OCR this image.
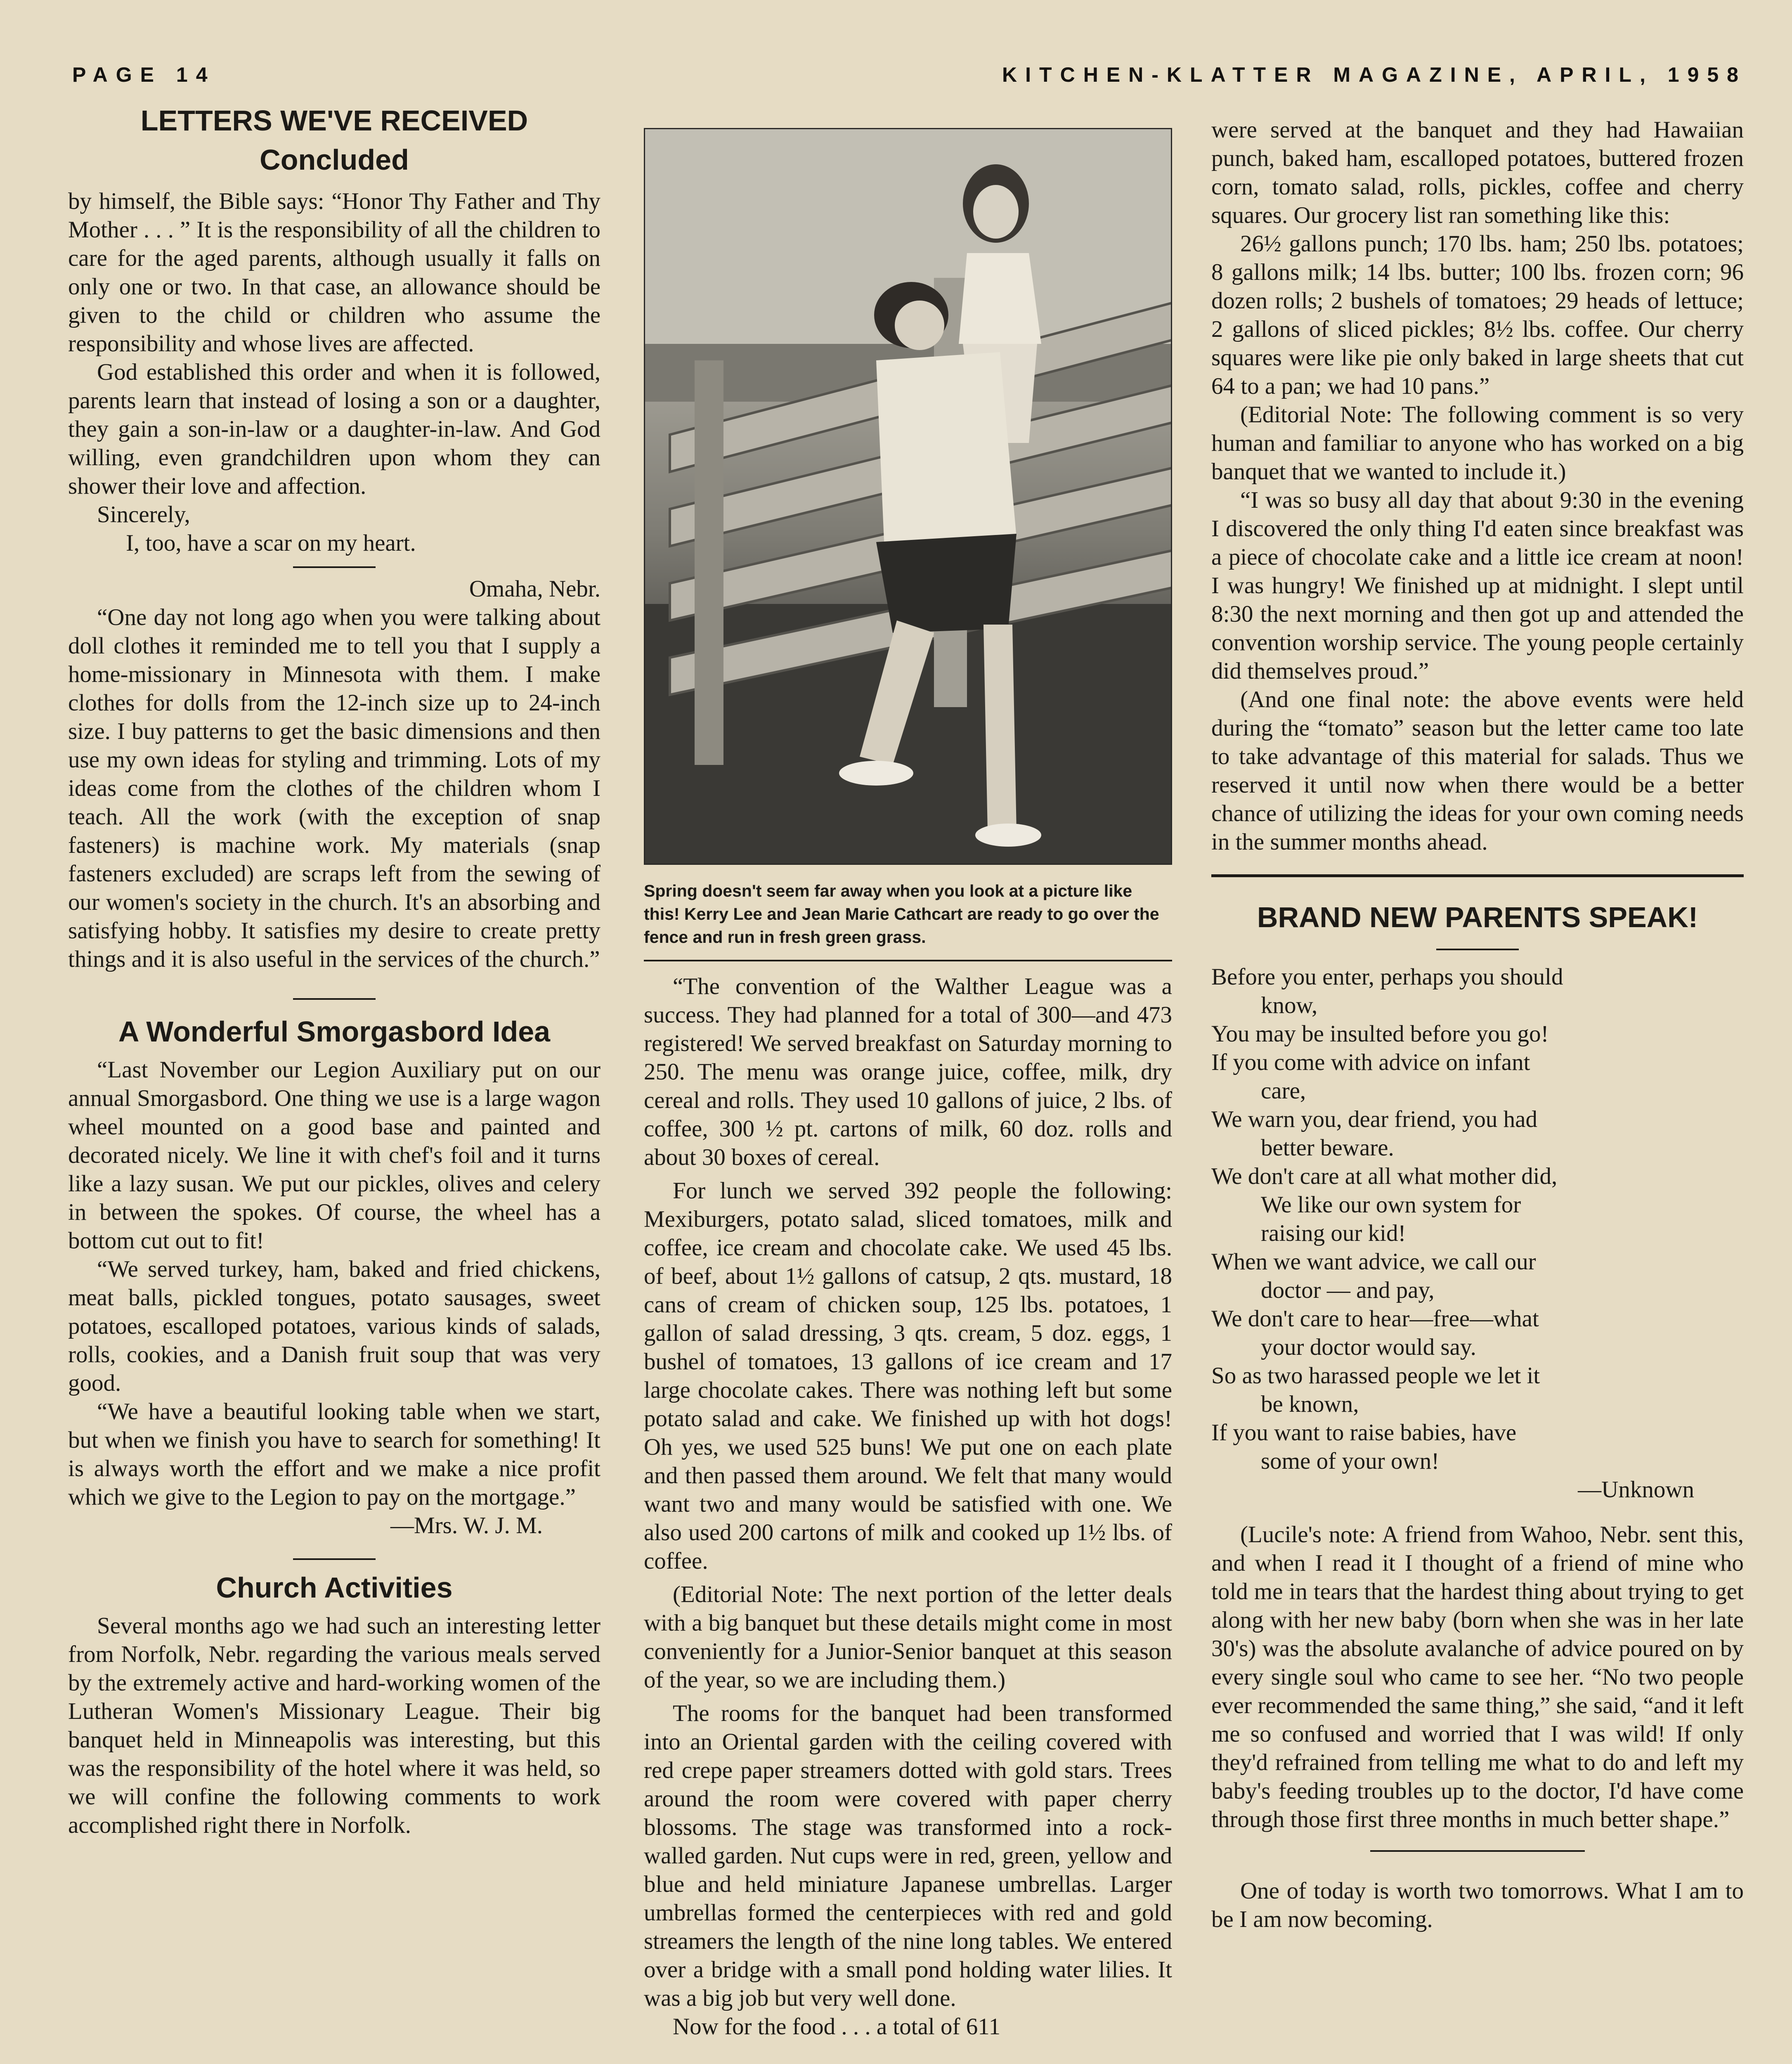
PAGE 14	KITCHEN-KLATTER MAGAZINE, APRIL, 1958
LETTERS WE'VE RECEIVED
Concluded

by himself, the Bible says: “Honor Thy Father and Thy Mother . . . ” It is the responsibility of all the children to care for the aged parents, although usually it falls on only one or two. In that case, an allowance should be given to the child or children who assume the responsibility and whose lives are affected.

God established this order and when it is followed, parents learn that instead of losing a son or a daughter, they gain a son-in-law or a daughter-in-law. And God willing, even grandchildren upon whom they can shower their love and affection.

Sincerely,

I, too, have a scar on my heart.

Omaha, Nebr.

“One day not long ago when you were talking about doll clothes it reminded me to tell you that I supply a home-missionary in Minnesota with them. I make clothes for dolls from the 12-inch size up to 24-inch size. I buy patterns to get the basic dimensions and then use my own ideas for styling and trimming. Lots of my ideas come from the clothes of the children whom I teach. All the work (with the exception of snap fasteners) is machine work. My materials (snap fasteners excluded) are scraps left from the sewing of our women's society in the church. It's an absorbing and satisfying hobby. It satisfies my desire to create pretty things and it is also useful in the services of the church.”

A Wonderful Smorgasbord Idea

“Last November our Legion Auxiliary put on our annual Smorgasbord. One thing we use is a large wagon wheel mounted on a good base and painted and decorated nicely. We line it with chef's foil and it turns like a lazy susan. We put our pickles, olives and celery in between the spokes. Of course, the wheel has a bottom cut out to fit!

“We served turkey, ham, baked and fried chickens, meat balls, pickled tongues, potato sausages, sweet potatoes, escalloped potatoes, various kinds of salads, rolls, cookies, and a Danish fruit soup that was very good.

“We have a beautiful looking table when we start, but when we finish you have to search for something! It is always worth the effort and we make a nice profit which we give to the Legion to pay on the mortgage.”

—Mrs. W. J. M.

Church Activities

Several months ago we had such an interesting letter from Norfolk, Nebr. regarding the various meals served by the extremely active and hard-working women of the Lutheran Women's Missionary League. Their big banquet held in Minneapolis was interesting, but this was the responsibility of the hotel where it was held, so we will confine the following comments to work accomplished right there in Norfolk.

Spring doesn't seem far away when you look at a picture like this! Kerry Lee and Jean Marie Cathcart are ready to go over the fence and run in fresh green grass.

“The convention of the Walther League was a success. They had planned for a total of 300—and 473 registered! We served breakfast on Saturday morning to 250. The menu was orange juice, coffee, milk, dry cereal and rolls. They used 10 gallons of juice, 2 lbs. of coffee, 300 ½ pt. cartons of milk, 60 doz. rolls and about 30 boxes of cereal.

For lunch we served 392 people the following: Mexiburgers, potato salad, sliced tomatoes, milk and coffee, ice cream and chocolate cake. We used 45 lbs. of beef, about 1½ gallons of catsup, 2 qts. mustard, 18 cans of cream of chicken soup, 125 lbs. potatoes, 1 gallon of salad dressing, 3 qts. cream, 5 doz. eggs, 1 bushel of tomatoes, 13 gallons of ice cream and 17 large chocolate cakes. There was nothing left but some potato salad and cake. We finished up with hot dogs! Oh yes, we used 525 buns! We put one on each plate and then passed them around. We felt that many would want two and many would be satisfied with one. We also used 200 cartons of milk and cooked up 1½ lbs. of coffee.

(Editorial Note: The next portion of the letter deals with a big banquet but these details might come in most conveniently for a Junior-Senior banquet at this season of the year, so we are including them.)

The rooms for the banquet had been transformed into an Oriental garden with the ceiling covered with red crepe paper streamers dotted with gold stars. Trees around the room were covered with paper cherry blossoms. The stage was transformed into a rock-walled garden. Nut cups were in red, green, yellow and blue and held miniature Japanese umbrellas. Larger umbrellas formed the centerpieces with red and gold streamers the length of the nine long tables. We entered over a bridge with a small pond holding water lilies. It was a big job but very well done.

Now for the food . . . a total of 611

were served at the banquet and they had Hawaiian punch, baked ham, escalloped potatoes, buttered frozen corn, tomato salad, rolls, pickles, coffee and cherry squares. Our grocery list ran something like this:

26½ gallons punch; 170 lbs. ham; 250 lbs. potatoes; 8 gallons milk; 14 lbs. butter; 100 lbs. frozen corn; 96 dozen rolls; 2 bushels of tomatoes; 29 heads of lettuce; 2 gallons of sliced pickles; 8½ lbs. coffee. Our cherry squares were like pie only baked in large sheets that cut 64 to a pan; we had 10 pans.”

(Editorial Note: The following comment is so very human and familiar to anyone who has worked on a big banquet that we wanted to include it.)

“I was so busy all day that about 9:30 in the evening I discovered the only thing I'd eaten since breakfast was a piece of chocolate cake and a little ice cream at noon! I was hungry! We finished up at midnight. I slept until 8:30 the next morning and then got up and attended the convention worship service. The young people certainly did themselves proud.”

(And one final note: the above events were held during the “tomato” season but the letter came too late to take advantage of this material for salads. Thus we reserved it until now when there would be a better chance of utilizing the ideas for your own coming needs in the summer months ahead.

BRAND NEW PARENTS SPEAK!

Before you enter, perhaps you should

know,

You may be insulted before you go!

If you come with advice on infant

care,

We warn you, dear friend, you had

better beware.

We don't care at all what mother did,

We like our own system for

raising our kid!

When we want advice, we call our

doctor — and pay,

We don't care to hear—free—what

your doctor would say.

So as two harassed people we let it

be known,

If you want to raise babies, have

some of your own!

—Unknown

(Lucile's note: A friend from Wahoo, Nebr. sent this, and when I read it I thought of a friend of mine who told me in tears that the hardest thing about trying to get along with her new baby (born when she was in her late 30's) was the absolute avalanche of advice poured on by every single soul who came to see her. “No two people ever recommended the same thing,” she said, “and it left me so confused and worried that I was wild! If only they'd refrained from telling me what to do and left my baby's feeding troubles up to the doctor, I'd have come through those first three months in much better shape.”

One of today is worth two tomorrows. What I am to be I am now becoming.
